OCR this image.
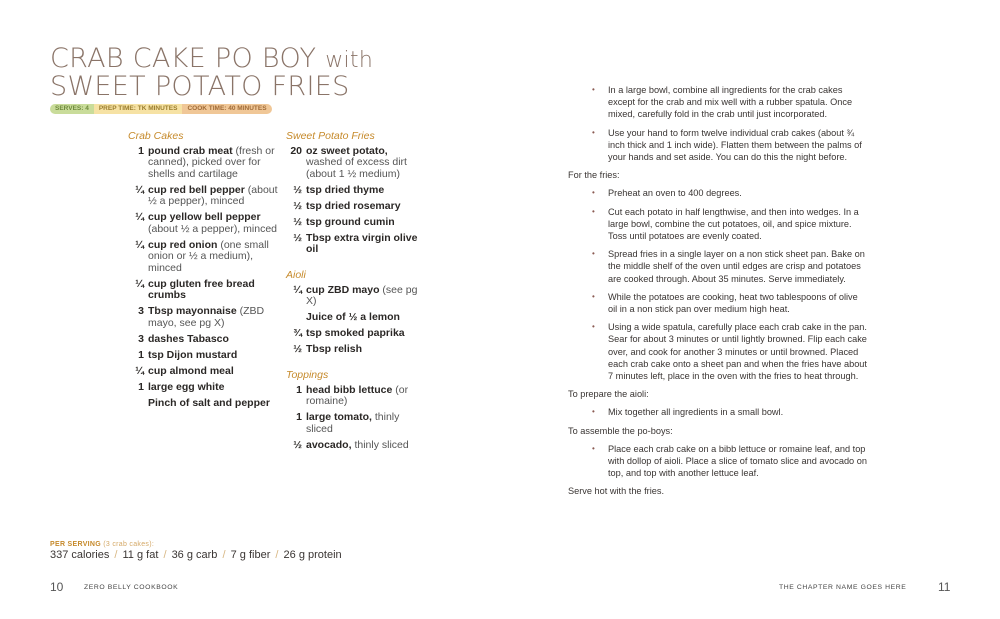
CRAB CAKE PO BOY with
SWEET POTATO FRIES
SERVES: 4	PREP TIME: TK MINUTES	COOK TIME: 40 MINUTES
Crab Cakes
1 pound crab meat (fresh or canned), picked over for shells and cartilage
¼ cup red bell pepper (about ½ a pepper), minced
¼ cup yellow bell pepper (about ½ a pepper), minced
¼ cup red onion (one small onion or ½ a medium), minced
¼ cup gluten free bread crumbs
3 Tbsp mayonnaise (ZBD mayo, see pg X)
3 dashes Tabasco
1 tsp Dijon mustard
¼ cup almond meal
1 large egg white
Pinch of salt and pepper
Sweet Potato Fries
20 oz sweet potato, washed of excess dirt (about 1 ½ medium)
½ tsp dried thyme
½ tsp dried rosemary
½ tsp ground cumin
½ Tbsp extra virgin olive oil
Aioli
¼ cup ZBD mayo (see pg X)
Juice of ½ a lemon
¾ tsp smoked paprika
½ Tbsp relish
Toppings
1 head bibb lettuce (or romaine)
1 large tomato, thinly sliced
½ avocado, thinly sliced
PER SERVING (3 crab cakes):
337 calories / 11 g fat / 36 g carb / 7 g fiber / 26 g protein
10	ZERO BELLY COOKBOOK	11
THE CHAPTER NAME GOES HERE
•	In a large bowl, combine all ingredients for the crab cakes except for the crab and mix well with a rubber spatula. Once mixed, carefully fold in the crab until just incorporated.
•	Use your hand to form twelve individual crab cakes (about ¾ inch thick and 1 inch wide). Flatten them between the palms of your hands and set aside. You can do this the night before.
For the fries:
•	Preheat an oven to 400 degrees.
•	Cut each potato in half lengthwise, and then into wedges. In a large bowl, combine the cut potatoes, oil, and spice mixture. Toss until potatoes are evenly coated.
•	Spread fries in a single layer on a non stick sheet pan. Bake on the middle shelf of the oven until edges are crisp and potatoes are cooked through. About 35 minutes. Serve immediately.
•	While the potatoes are cooking, heat two tablespoons of olive oil in a non stick pan over medium high heat.
•	Using a wide spatula, carefully place each crab cake in the pan. Sear for about 3 minutes or until lightly browned. Flip each cake over, and cook for another 3 minutes or until browned. Placed each crab cake onto a sheet pan and when the fries have about 7 minutes left, place in the oven with the fries to heat through.
To prepare the aioli:
•	Mix together all ingredients in a small bowl.
To assemble the po-boys:
•	Place each crab cake on a bibb lettuce or romaine leaf, and top with dollop of aioli. Place a slice of tomato slice and avocado on top, and top with another lettuce leaf.
Serve hot with the fries.
